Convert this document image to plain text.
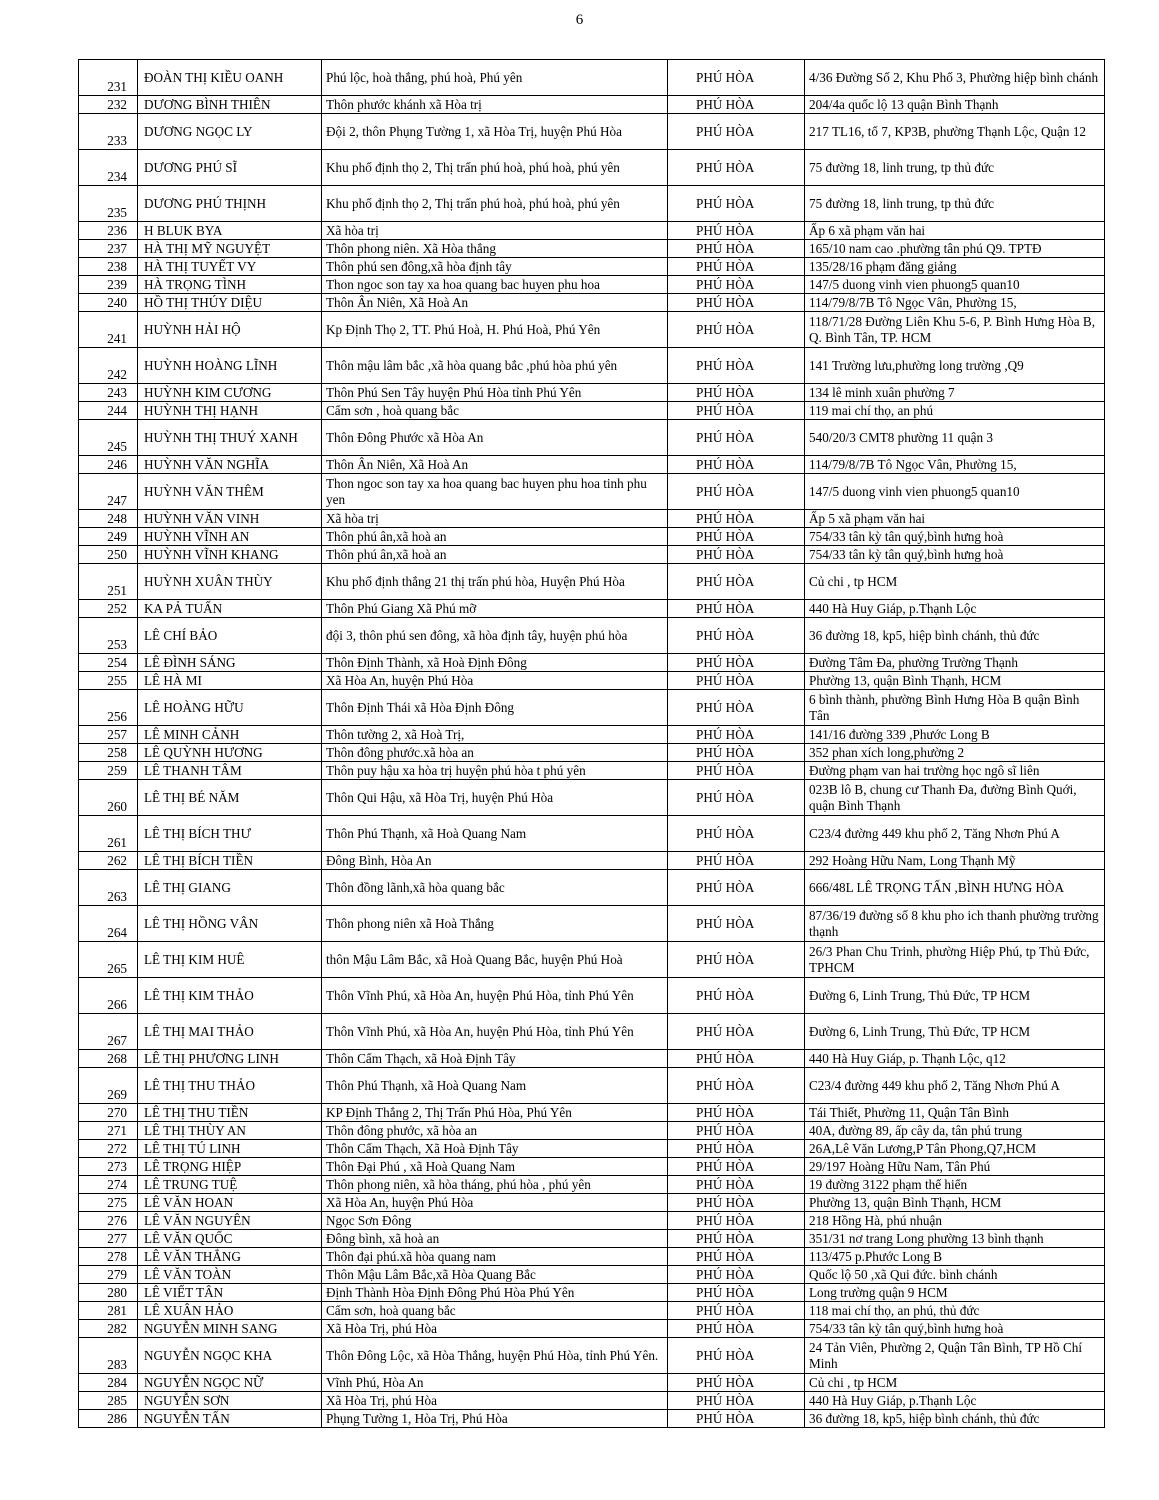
6
231	ĐOÀN THỊ KIỀU OANH	Phú lộc, hoà thắng, phú hoà, Phú yên	PHÚ HÒA	4/36 Đường Số 2, Khu Phố 3, Phường hiệp bình chánh
232	DƯƠNG BÌNH THIÊN	Thôn phước khánh xã Hòa trị	PHÚ HÒA	204/4a quốc lộ 13 quận Bình Thạnh
233	DƯƠNG NGỌC LY	Đội 2, thôn Phụng Tường 1, xã Hòa Trị, huyện Phú Hòa	PHÚ HÒA	217 TL16, tổ 7, KP3B, phường Thạnh Lộc, Quận 12
234	DƯƠNG PHÚ SĨ	Khu phố định thọ 2, Thị trấn phú hoà, phú hoà, phú yên	PHÚ HÒA	75 đường 18, linh trung, tp thủ đức
235	DƯƠNG PHÚ THỊNH	Khu phố định thọ 2, Thị trấn phú hoà, phú hoà, phú yên	PHÚ HÒA	75 đường 18, linh trung, tp thủ đức
236	H BLUK BYA	Xã hòa trị	PHÚ HÒA	Ấp 6 xã phạm văn hai
237	HÀ THỊ MỸ NGUYỆT	Thôn phong niên. Xã Hòa thắng	PHÚ HÒA	165/10 nam cao .phường tân phú Q9. TPTĐ
238	HÀ THỊ TUYẾT VY	Thôn phú sen đông,xã hòa định tây	PHÚ HÒA	135/28/16 phạm đăng giảng
239	HÀ TRỌNG TÌNH	Thon ngoc son tay xa hoa quang bac huyen phu hoa	PHÚ HÒA	147/5 duong vinh vien phuong5 quan10
240	HỒ THỊ THÚY DIỆU	Thôn Ân Niên, Xã Hoà An	PHÚ HÒA	114/79/8/7B Tô Ngọc Vân, Phường 15,
241	HUỲNH HẢI HỘ	Kp Định Thọ 2, TT. Phú Hoà, H. Phú Hoà, Phú Yên	PHÚ HÒA	118/71/28 Đường Liên Khu 5-6, P. Bình Hưng Hòa B, Q. Bình Tân, TP. HCM
242	HUỲNH HOÀNG LĨNH	Thôn mậu lâm bắc ,xã hòa quang bắc ,phú hòa phú yên	PHÚ HÒA	141 Trường lưu,phường long trường ,Q9
243	HUỲNH KIM CƯƠNG	Thôn Phú Sen Tây huyện Phú Hòa tỉnh Phú Yên	PHÚ HÒA	134 lê minh xuân phường 7
244	HUỲNH THỊ HẠNH	Cẩm sơn , hoà quang bắc	PHÚ HÒA	119 mai chí thọ, an phú
245	HUỲNH THỊ THUÝ XANH	Thôn Đông Phước xã Hòa An	PHÚ HÒA	540/20/3 CMT8 phường 11 quận 3
246	HUỲNH VĂN NGHĨA	Thôn Ân Niên, Xã Hoà An	PHÚ HÒA	114/79/8/7B Tô Ngọc Vân, Phường 15,
247	HUỲNH VĂN THÊM	Thon ngoc son tay xa hoa quang bac huyen phu hoa tinh phu yen	PHÚ HÒA	147/5 duong vinh vien phuong5 quan10
248	HUỲNH VĂN VINH	Xã hòa trị	PHÚ HÒA	Ấp 5 xã phạm văn hai
249	HUỲNH VĨNH AN	Thôn phú ân,xã hoà an	PHÚ HÒA	754/33 tân kỳ tân quý,bình hưng hoà
250	HUỲNH VĨNH KHANG	Thôn phú ân,xã hoà an	PHÚ HÒA	754/33 tân kỳ tân quý,bình hưng hoà
251	HUỲNH XUÂN THÙY	Khu phố định thắng 21 thị trấn phú hòa, Huyện Phú Hòa	PHÚ HÒA	Củ chi , tp HCM
252	KA PẢ TUẤN	Thôn Phú Giang Xã Phú mỡ	PHÚ HÒA	440 Hà Huy Giáp, p.Thạnh Lộc
253	LÊ CHÍ BẢO	đội 3, thôn phú sen đông, xã hòa định tây, huyện phú hòa	PHÚ HÒA	36 đường 18, kp5, hiệp bình chánh, thủ đức
254	LÊ ĐÌNH SÁNG	Thôn Định Thành, xã Hoà Định Đông	PHÚ HÒA	Đường Tâm Đa, phường Trường Thạnh
255	LÊ HÀ MI	Xã Hòa An, huyện Phú Hòa	PHÚ HÒA	Phường 13, quận Bình Thạnh, HCM
256	LÊ HOÀNG HỮU	Thôn Định Thái xã Hòa Định Đông	PHÚ HÒA	6 bình thành, phường Bình Hưng Hòa B quận Bình Tân
257	LÊ MINH CẢNH	Thôn tường 2, xã Hoà Trị,	PHÚ HÒA	141/16 đường 339 ,Phước Long B
258	LÊ QUỲNH HƯƠNG	Thôn đông phước.xã hòa an	PHÚ HÒA	352 phan xích long,phường 2
259	LÊ THANH TÂM	Thôn puy hậu xa hòa trị huyện phú hòa t phú yên	PHÚ HÒA	Đường phạm van hai trường học ngô sĩ liên
260	LÊ THỊ BÉ NĂM	Thôn Qui Hậu, xã Hòa Trị, huyện Phú Hòa	PHÚ HÒA	023B lô B, chung cư Thanh Đa, đường Bình Quới, quận Bình Thạnh
261	LÊ THỊ BÍCH THƯ	Thôn Phú Thạnh, xã Hoà Quang Nam	PHÚ HÒA	C23/4 đường 449 khu phố 2, Tăng Nhơn Phú A
262	LÊ THỊ BÍCH TIỀN	Đông Bình, Hòa An	PHÚ HÒA	292 Hoàng Hữu Nam, Long Thạnh Mỹ
263	LÊ THỊ GIANG	Thôn đồng lãnh,xã hòa quang bắc	PHÚ HÒA	666/48L LÊ TRỌNG TẤN ,BÌNH HƯNG HÒA
264	LÊ THỊ HỒNG VÂN	Thôn phong niên xã Hoà Thắng	PHÚ HÒA	87/36/19 đường số 8 khu pho ich thanh phường trường thạnh
265	LÊ THỊ KIM HUÊ	thôn Mậu Lâm Bắc, xã Hoà Quang Bắc, huyện Phú Hoà	PHÚ HÒA	26/3 Phan Chu Trinh, phường Hiệp Phú, tp Thủ Đức, TPHCM
266	LÊ THỊ KIM THẢO	Thôn Vĩnh Phú, xã Hòa An, huyện Phú Hòa, tỉnh Phú Yên	PHÚ HÒA	Đường 6, Linh Trung, Thủ Đức, TP HCM
267	LÊ THỊ MAI THẢO	Thôn Vĩnh Phú, xã Hòa An, huyện Phú Hòa, tỉnh Phú Yên	PHÚ HÒA	Đường 6, Linh Trung, Thủ Đức, TP HCM
268	LÊ THỊ PHƯƠNG LINH	Thôn Cẩm Thạch, xã Hoà Định Tây	PHÚ HÒA	440 Hà Huy Giáp, p. Thạnh Lộc, q12
269	LÊ THỊ THU THẢO	Thôn Phú Thạnh, xã Hoà Quang Nam	PHÚ HÒA	C23/4 đường 449 khu phố 2, Tăng Nhơn Phú A
270	LÊ THỊ THU TIỀN	KP Định Thắng 2, Thị Trấn Phú Hòa, Phú Yên	PHÚ HÒA	Tái Thiết, Phường 11, Quận Tân Bình
271	LÊ THỊ THÙY AN	Thôn đông phước, xã hòa an	PHÚ HÒA	40A, đường 89, ấp cây da, tân phú trung
272	LÊ THỊ TÚ LINH	Thôn Cẩm Thạch, Xã Hoà Định Tây	PHÚ HÒA	26A,Lê Văn Lương,P Tân Phong,Q7,HCM
273	LÊ TRỌNG HIỆP	Thôn Đại Phú , xã Hoà Quang Nam	PHÚ HÒA	29/197 Hoàng Hữu Nam, Tân Phú
274	LÊ TRUNG TUỆ	Thôn phong niên, xã hòa tháng, phú hòa , phú yên	PHÚ HÒA	19 đường 3122 phạm thế hiển
275	LÊ VĂN HOAN	Xã Hòa An, huyện Phú Hòa	PHÚ HÒA	Phường 13, quận Bình Thạnh, HCM
276	LÊ VĂN NGUYÊN	Ngọc Sơn Đông	PHÚ HÒA	218 Hồng Hà, phú nhuận
277	LÊ VĂN QUỐC	Đông bình, xã hoà an	PHÚ HÒA	351/31 nơ trang Long phường 13 bình thạnh
278	LÊ VĂN THẮNG	Thôn đại phú.xã hòa quang nam	PHÚ HÒA	113/475 p.Phước Long B
279	LÊ VĂN TOÀN	Thôn Mậu Lâm Bắc,xã Hòa Quang Bắc	PHÚ HÒA	Quốc lộ 50 ,xã Qui đức. bình chánh
280	LÊ VIẾT TÂN	Định Thành Hòa Định Đông Phú Hòa Phú Yên	PHÚ HÒA	Long trường quận 9 HCM
281	LÊ XUÂN HẢO	Cẩm sơn, hoà quang bắc	PHÚ HÒA	118 mai chí thọ, an phú, thủ đức
282	NGUYỄN MINH SANG	Xã Hòa Trị, phú Hòa	PHÚ HÒA	754/33 tân kỳ tân quý,bình hưng hoà
283	NGUYỄN NGỌC KHA	Thôn Đông Lộc, xã Hòa Thắng, huyện Phú Hòa, tỉnh Phú Yên.	PHÚ HÒA	24 Tản Viên, Phường 2, Quận Tân Bình, TP Hồ Chí Minh
284	NGUYỄN NGỌC NỮ	Vĩnh Phú, Hòa An	PHÚ HÒA	Củ chi , tp HCM
285	NGUYỄN SƠN	Xã Hòa Trị, phú Hòa	PHÚ HÒA	440 Hà Huy Giáp, p.Thạnh Lộc
286	NGUYỄN TẤN	Phụng Tường 1, Hòa Trị, Phú Hòa	PHÚ HÒA	36 đường 18, kp5, hiệp bình chánh, thủ đức
